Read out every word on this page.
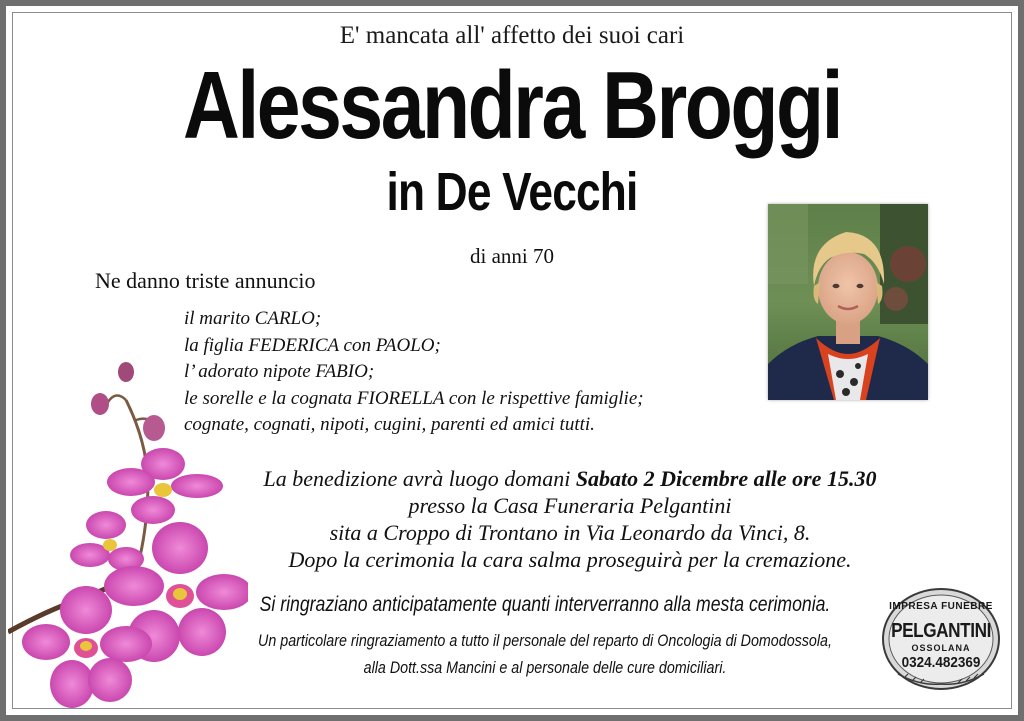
E' mancata all' affetto dei suoi cari
Alessandra Broggi
in De Vecchi
di anni 70
Ne danno triste annuncio
il marito CARLO;
la figlia FEDERICA con PAOLO;
l’ adorato nipote FABIO;
le sorelle e la cognata FIORELLA con le rispettive famiglie;
cognate, cognati, nipoti, cugini, parenti ed amici tutti.
La benedizione avrà luogo domani Sabato 2 Dicembre alle ore 15.30
presso la Casa Funeraria Pelgantini
sita a Croppo di Trontano in Via Leonardo da Vinci, 8.
Dopo la cerimonia la cara salma proseguirà per la cremazione.
Si ringraziano anticipatamente quanti interverranno alla mesta cerimonia.
Un particolare ringraziamento a tutto il personale del reparto di Oncologia di Domodossola,
alla Dott.ssa Mancini e al personale delle cure domiciliari.
IMPRESA FUNEBRE
PELGANTINI
OSSOLANA
0324.482369
